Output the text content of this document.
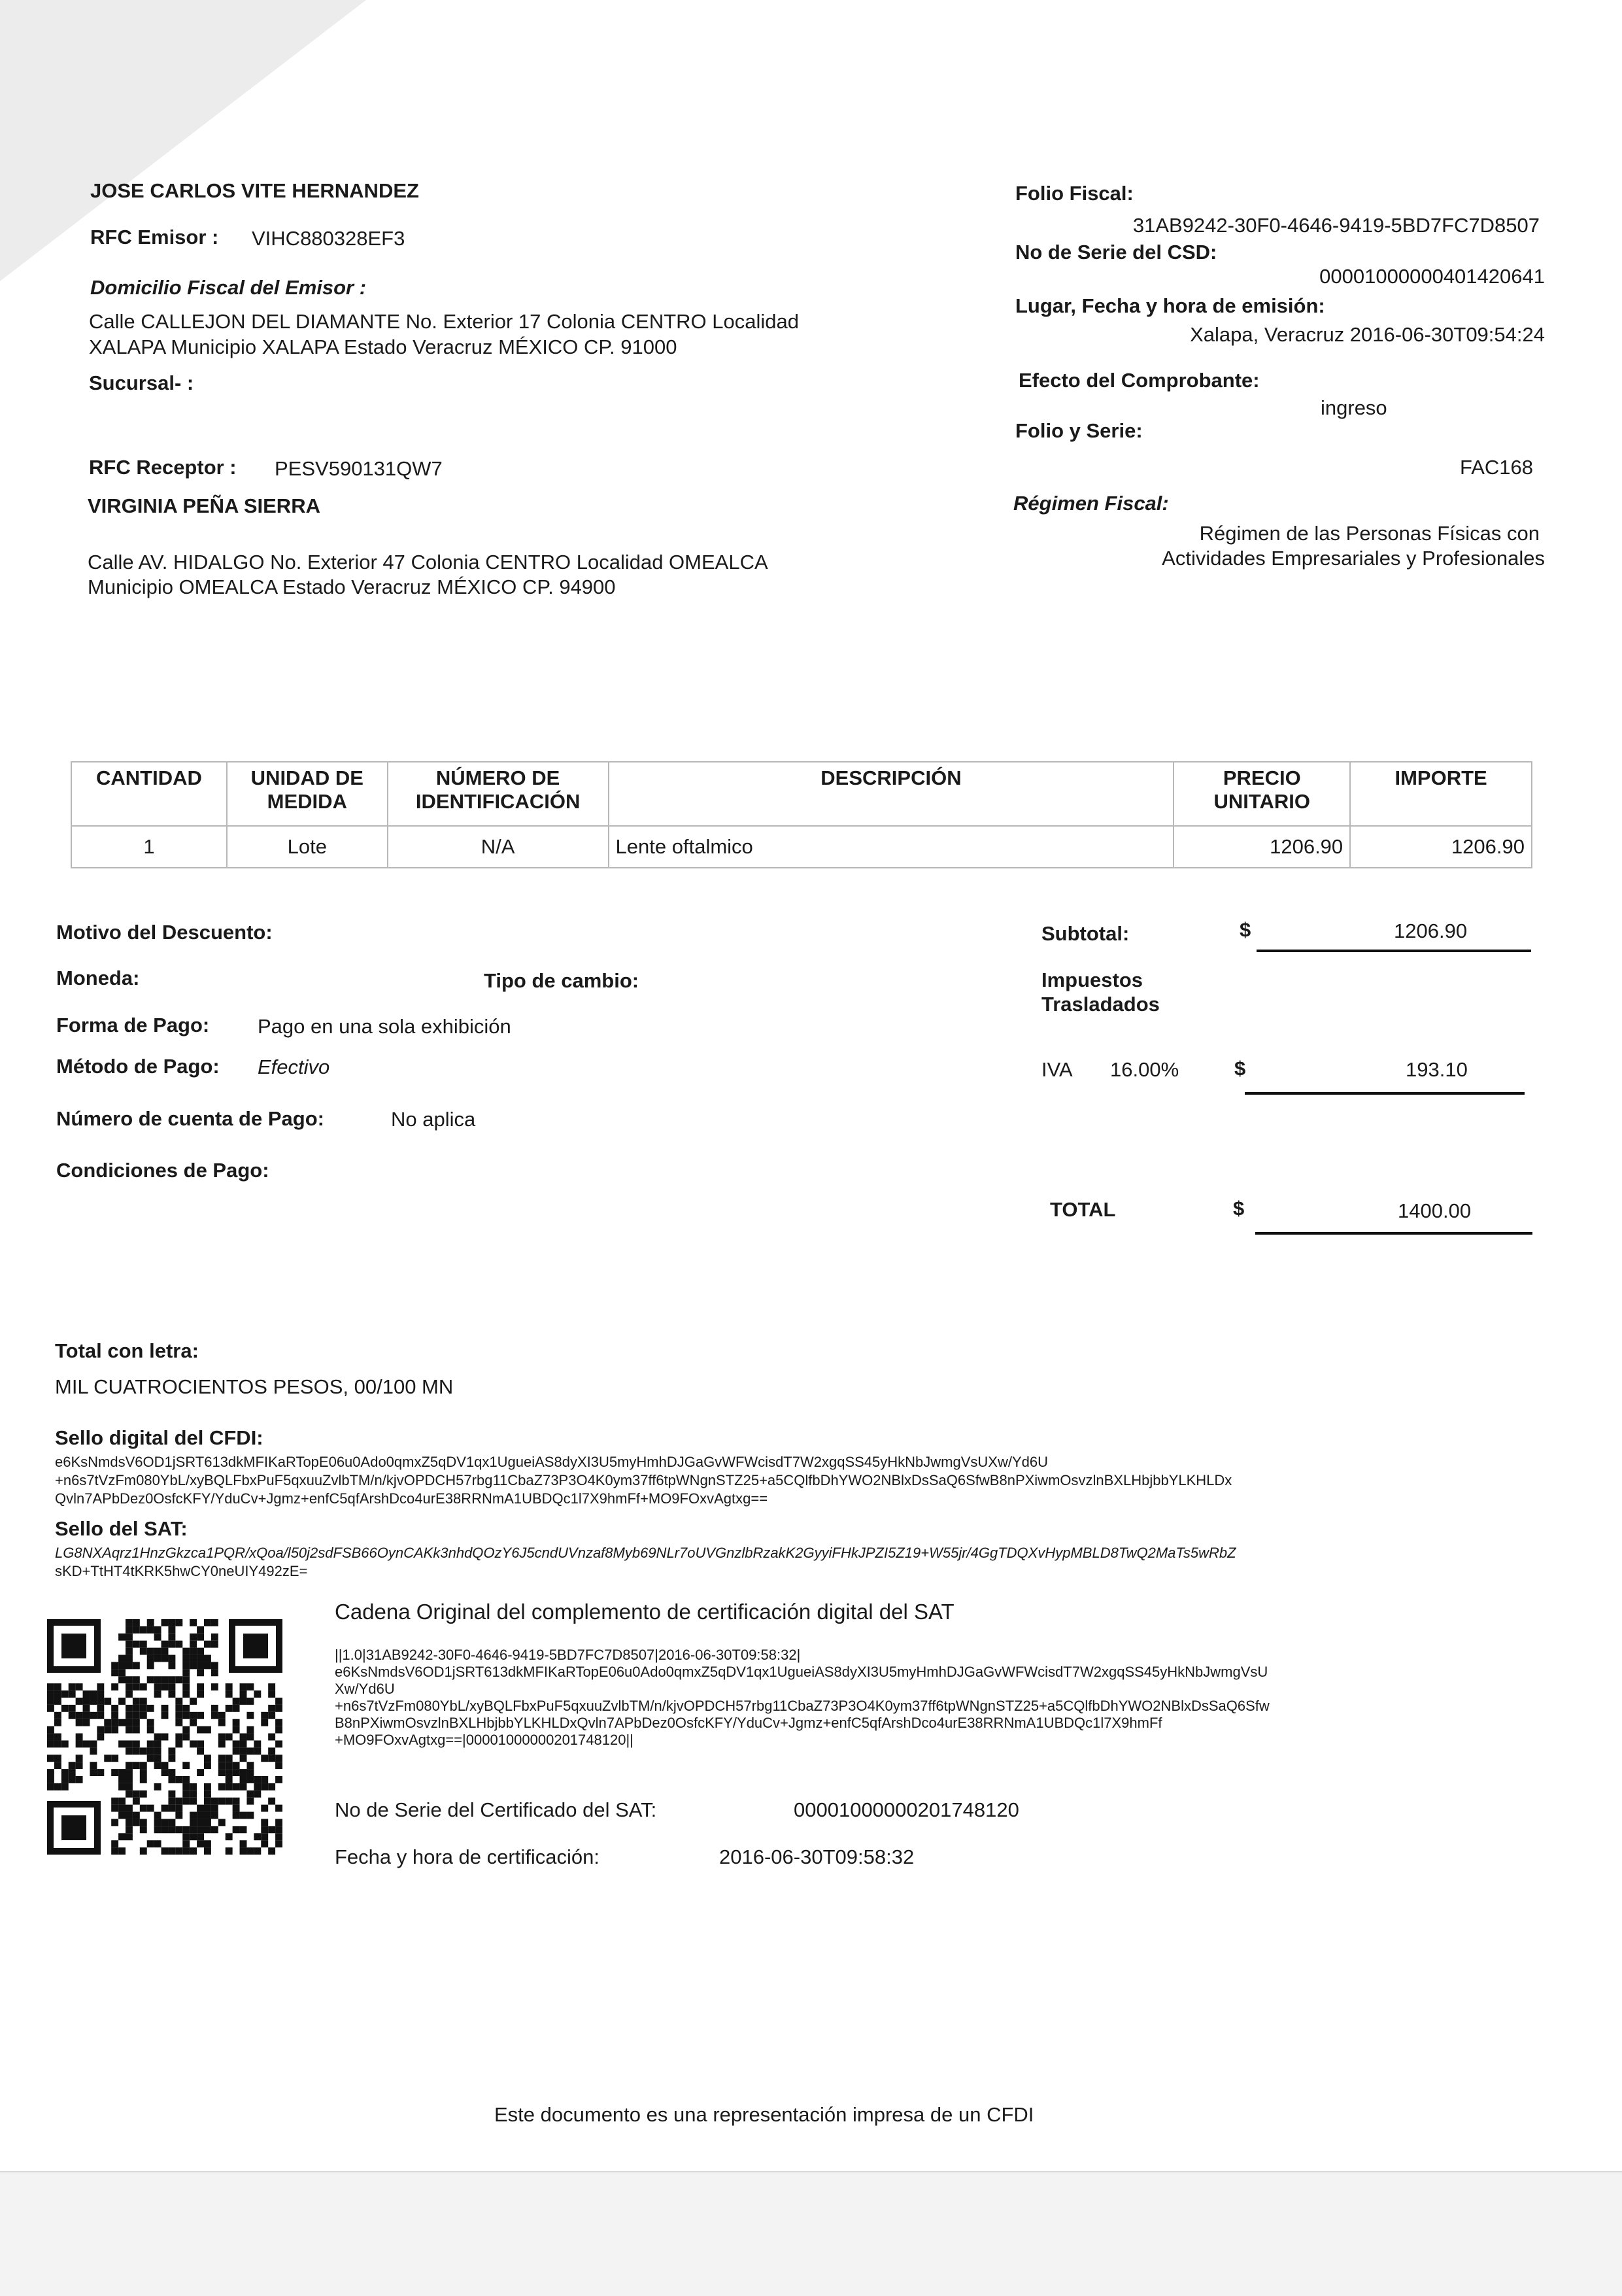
JOSE CARLOS VITE HERNANDEZ
RFC Emisor : VIHC880328EF3
Domicilio Fiscal del Emisor :
Calle CALLEJON DEL DIAMANTE No. Exterior 17 Colonia CENTRO Localidad
XALAPA Municipio XALAPA Estado Veracruz MÉXICO CP. 91000
Sucursal- :
RFC Receptor : PESV590131QW7
VIRGINIA PEÑA SIERRA
Calle AV. HIDALGO No. Exterior 47 Colonia CENTRO Localidad OMEALCA
Municipio OMEALCA Estado Veracruz MÉXICO CP. 94900
Folio Fiscal:
31AB9242-30F0-4646-9419-5BD7FC7D8507
No de Serie del CSD:
00001000000401420641
Lugar, Fecha y hora de emisión:
Xalapa, Veracruz 2016-06-30T09:54:24
Efecto del Comprobante:
ingreso
Folio y Serie:
FAC168
Régimen Fiscal:
Régimen de las Personas Físicas con
Actividades Empresariales y Profesionales
CANTIDAD	UNIDAD DE MEDIDA	NÚMERO DE IDENTIFICACIÓN	DESCRIPCIÓN	PRECIO UNITARIO	IMPORTE
1	Lote	N/A	Lente oftalmico	1206.90	1206.90
Motivo del Descuento:
Moneda:	Tipo de cambio:
Forma de Pago: Pago en una sola exhibición
Método de Pago: Efectivo
Número de cuenta de Pago:	No aplica
Condiciones de Pago:
Subtotal:	$	1206.90
Impuestos
Trasladados
IVA 16.00%	$	193.10
TOTAL	$	1400.00
Total con letra:
MIL CUATROCIENTOS PESOS, 00/100 MN
Sello digital del CFDI:
e6KsNmdsV6OD1jSRT613dkMFIKaRTopE06u0Ado0qmxZ5qDV1qx1UgueiAS8dyXI3U5myHmhDJGaGvWFWcisdT7W2xgqSS45yHkNbJwmgVsUXw/Yd6U
+n6s7tVzFm080YbL/xyBQLFbxPuF5qxuuZvlbTM/n/kjvOPDCH57rbg11CbaZ73P3O4K0ym37ff6tpWNgnSTZ25+a5CQlfbDhYWO2NBlxDsSaQ6SfwB8nPXiwmOsvzlnBXLHbjbbYLKHLDx
Qvln7APbDez0OsfcKFY/YduCv+Jgmz+enfC5qfArshDco4urE38RRNmA1UBDQc1l7X9hmFf+MO9FOxvAgtxg==
Sello del SAT:
LG8NXAqrz1HnzGkzca1PQR/xQoa/l50j2sdFSB66OynCAKk3nhdQOzY6J5cndUVnzaf8Myb69NLr7oUVGnzlbRzakK2GyyiFHkJPZI5Z19+W55jr/4GgTDQXvHypMBLD8TwQ2MaTs5wRbZ
sKD+TtHT4tKRK5hwCY0neUIY492zE=
Cadena Original del complemento de certificación digital del SAT
||1.0|31AB9242-30F0-4646-9419-5BD7FC7D8507|2016-06-30T09:58:32|
e6KsNmdsV6OD1jSRT613dkMFIKaRTopE06u0Ado0qmxZ5qDV1qx1UgueiAS8dyXI3U5myHmhDJGaGvWFWcisdT7W2xgqSS45yHkNbJwmgVsU
Xw/Yd6U
+n6s7tVzFm080YbL/xyBQLFbxPuF5qxuuZvlbTM/n/kjvOPDCH57rbg11CbaZ73P3O4K0ym37ff6tpWNgnSTZ25+a5CQlfbDhYWO2NBlxDsSaQ6Sfw
B8nPXiwmOsvzlnBXLHbjbbYLKHLDxQvln7APbDez0OsfcKFY/YduCv+Jgmz+enfC5qfArshDco4urE38RRNmA1UBDQc1l7X9hmFf
+MO9FOxvAgtxg==|00001000000201748120||
No de Serie del Certificado del SAT:	00001000000201748120
Fecha y hora de certificación:	2016-06-30T09:58:32
Este documento es una representación impresa de un CFDI
